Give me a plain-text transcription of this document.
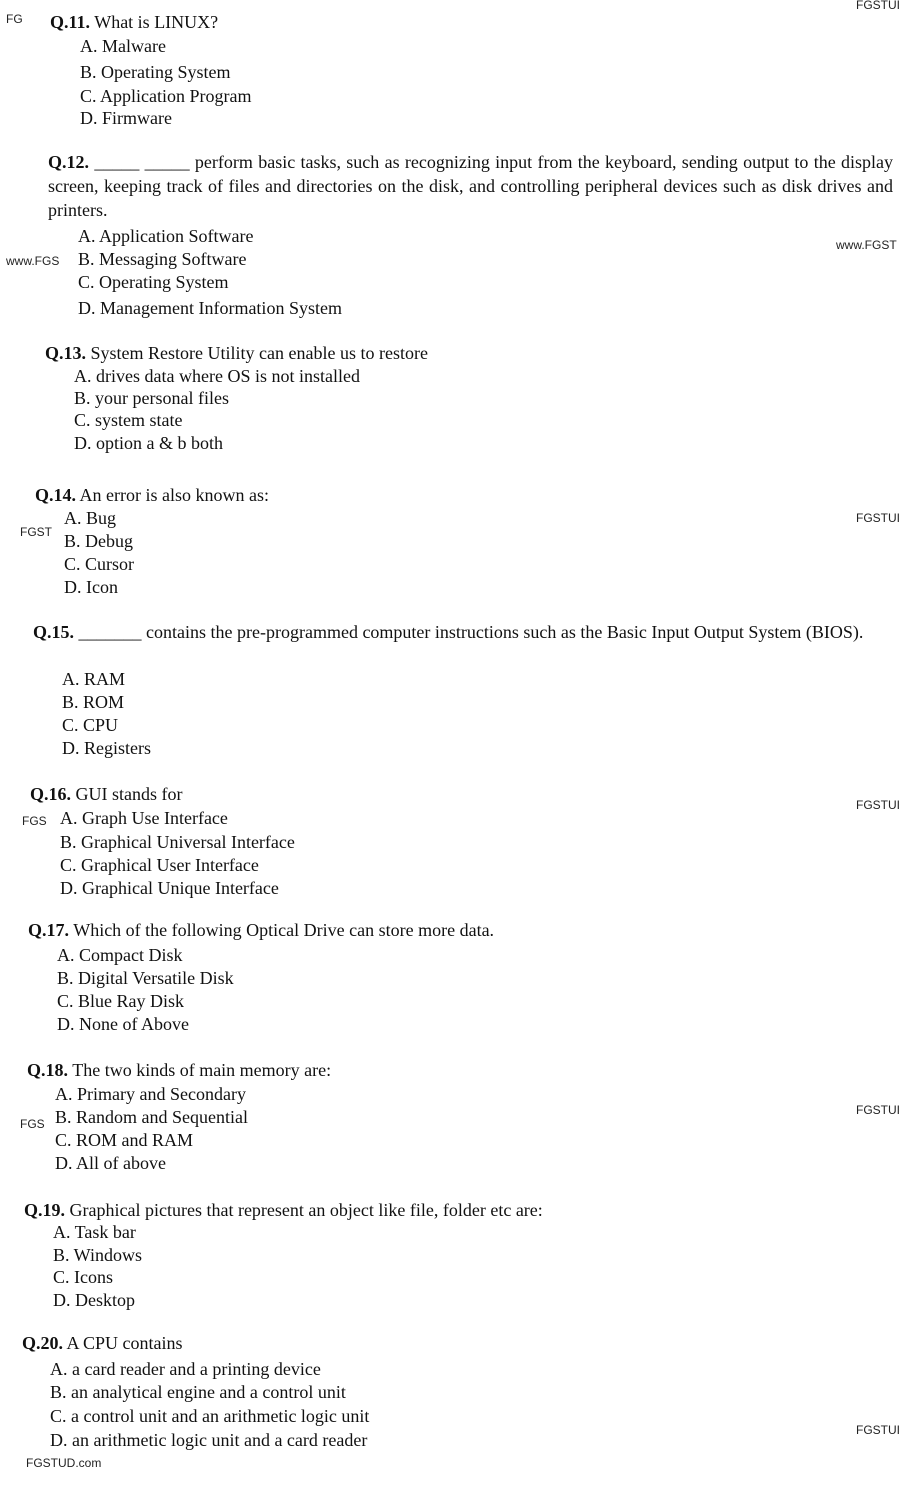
FGSTUI
FG
www.FGS
www.FGST
FGST
FGSTUI
FGSTUI
FGS
FGSTUI
FGS
FGSTUI
FGSTUD.com
Q.11. What is LINUX?
A. Malware
B. Operating System
C. Application Program
D. Firmware
Q.12. _____ _____ perform basic tasks, such as recognizing input from the keyboard, sending output to the display screen, keeping track of files and directories on the disk, and controlling peripheral devices such as disk drives and printers.
A. Application Software
B. Messaging Software
C. Operating System
D. Management Information System
Q.13. System Restore Utility can enable us to restore
A. drives data where OS is not installed
B. your personal files
C. system state
D. option a & b both
Q.14. An error is also known as:
A. Bug
B. Debug
C. Cursor
D. Icon
Q.15. _______ contains the pre-programmed computer instructions such as the Basic Input Output System (BIOS).
A. RAM
B. ROM
C. CPU
D. Registers
Q.16. GUI stands for
A. Graph Use Interface
B. Graphical Universal Interface
C. Graphical User Interface
D. Graphical Unique Interface
Q.17. Which of the following Optical Drive can store more data.
A. Compact Disk
B. Digital Versatile Disk
C. Blue Ray Disk
D. None of Above
Q.18. The two kinds of main memory are:
A. Primary and Secondary
B. Random and Sequential
C. ROM and RAM
D. All of above
Q.19. Graphical pictures that represent an object like file, folder etc are:
A. Task bar
B. Windows
C. Icons
D. Desktop
Q.20. A CPU contains
A. a card reader and a printing device
B. an analytical engine and a control unit
C. a control unit and an arithmetic logic unit
D. an arithmetic logic unit and a card reader
